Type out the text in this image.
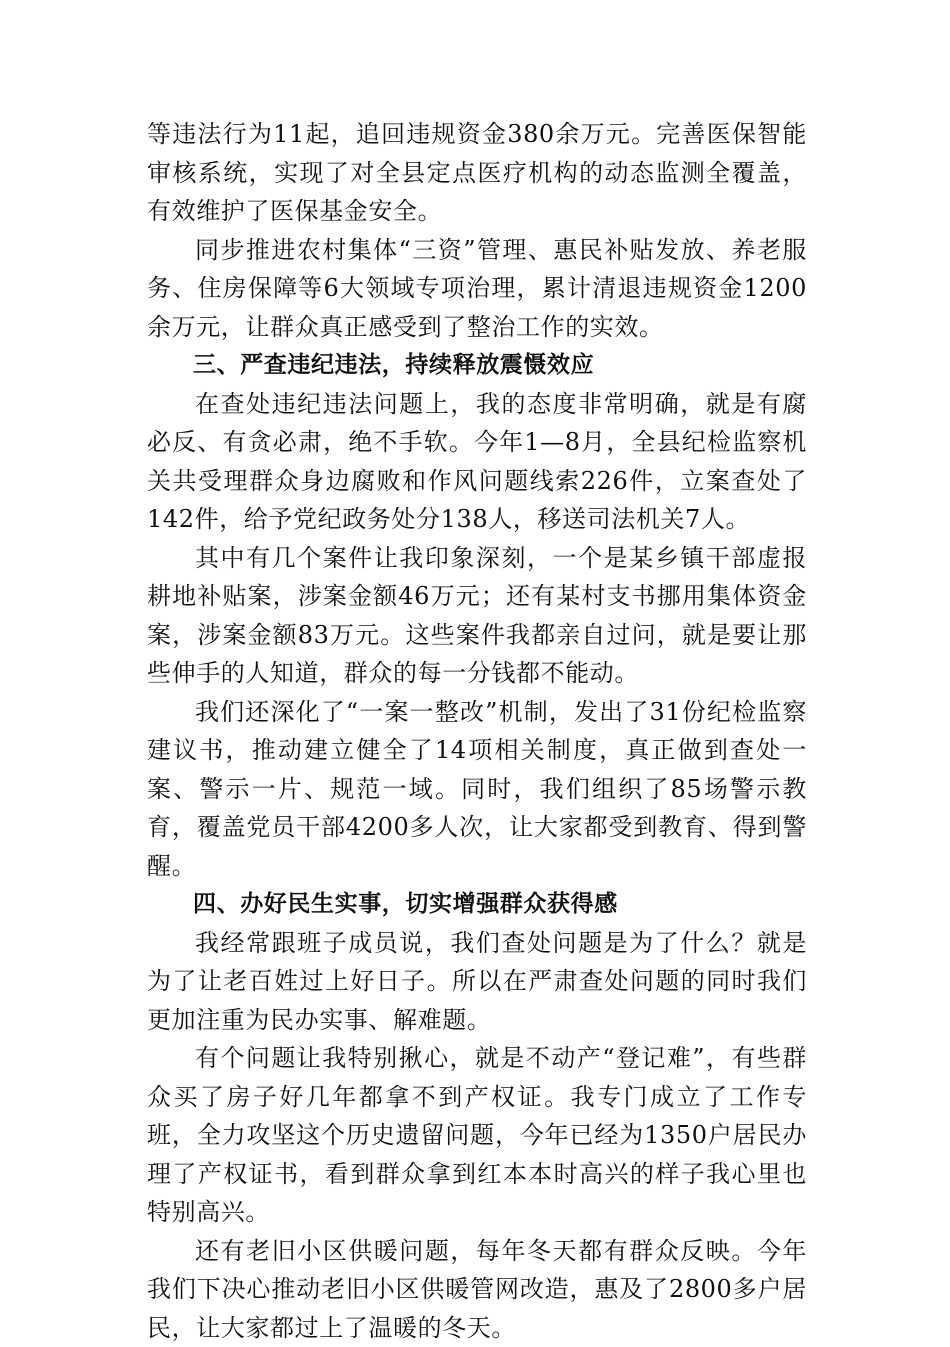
等违法行为11起，追回违规资金380余万元。完善医保智能审核系统，实现了对全县定点医疗机构的动态监测全覆盖，有效维护了医保基金安全。

同步推进农村集体“三资”管理、惠民补贴发放、养老服务、住房保障等6大领域专项治理，累计清退违规资金1200余万元，让群众真正感受到了整治工作的实效。

三、严查违纪违法，持续释放震慑效应

在查处违纪违法问题上，我的态度非常明确，就是有腐必反、有贪必肃，绝不手软。今年1—8月，全县纪检监察机关共受理群众身边腐败和作风问题线索226件，立案查处了142件，给予党纪政务处分138人，移送司法机关7人。

其中有几个案件让我印象深刻，一个是某乡镇干部虚报耕地补贴案，涉案金额46万元；还有某村支书挪用集体资金案，涉案金额83万元。这些案件我都亲自过问，就是要让那些伸手的人知道，群众的每一分钱都不能动。

我们还深化了“一案一整改”机制，发出了31份纪检监察建议书，推动建立健全了14项相关制度，真正做到查处一案、警示一片、规范一域。同时，我们组织了85场警示教育，覆盖党员干部4200多人次，让大家都受到教育、得到警醒。

四、办好民生实事，切实增强群众获得感

我经常跟班子成员说，我们查处问题是为了什么？就是为了让老百姓过上好日子。所以在严肃查处问题的同时我们更加注重为民办实事、解难题。

有个问题让我特别揪心，就是不动产“登记难”，有些群众买了房子好几年都拿不到产权证。我专门成立了工作专班，全力攻坚这个历史遗留问题，今年已经为1350户居民办理了产权证书，看到群众拿到红本本时高兴的样子我心里也特别高兴。

还有老旧小区供暖问题，每年冬天都有群众反映。今年我们下决心推动老旧小区供暖管网改造，惠及了2800多户居民，让大家都过上了温暖的冬天。
